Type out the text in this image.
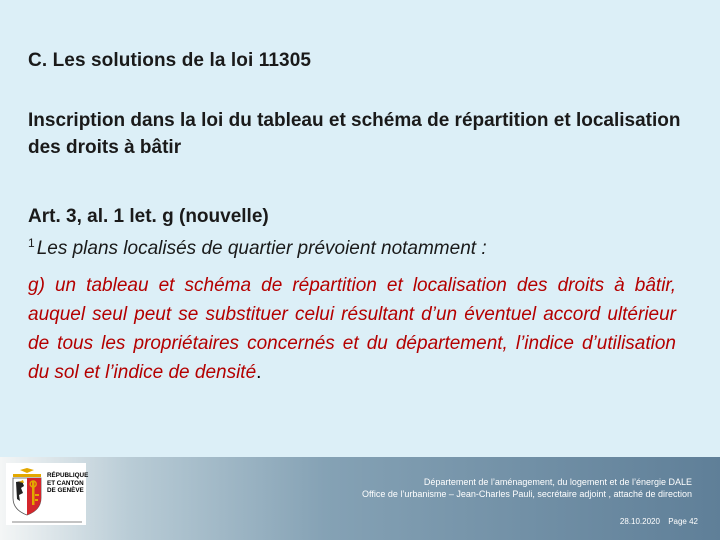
C. Les solutions de la loi 11305
Inscription dans la loi du tableau et schéma de répartition et localisation des droits à bâtir
Art. 3, al. 1 let. g (nouvelle)
$^1$ Les plans localisés de quartier prévoient notamment :
g) un tableau et schéma de répartition et localisation des droits à bâtir, auquel seul peut se substituer celui résultant d’un éventuel accord ultérieur de tous les propriétaires concernés et du département, l’indice d’utilisation du sol et l’indice de densité.
RÉPUBLIQUE
ET CANTON
DE GENÈVE
Département de l’aménagement, du logement et de l’énergie DALE
Office de l’urbanisme – Jean-Charles Pauli, secrétaire adjoint , attaché de direction
28.10.2020 Page 42
